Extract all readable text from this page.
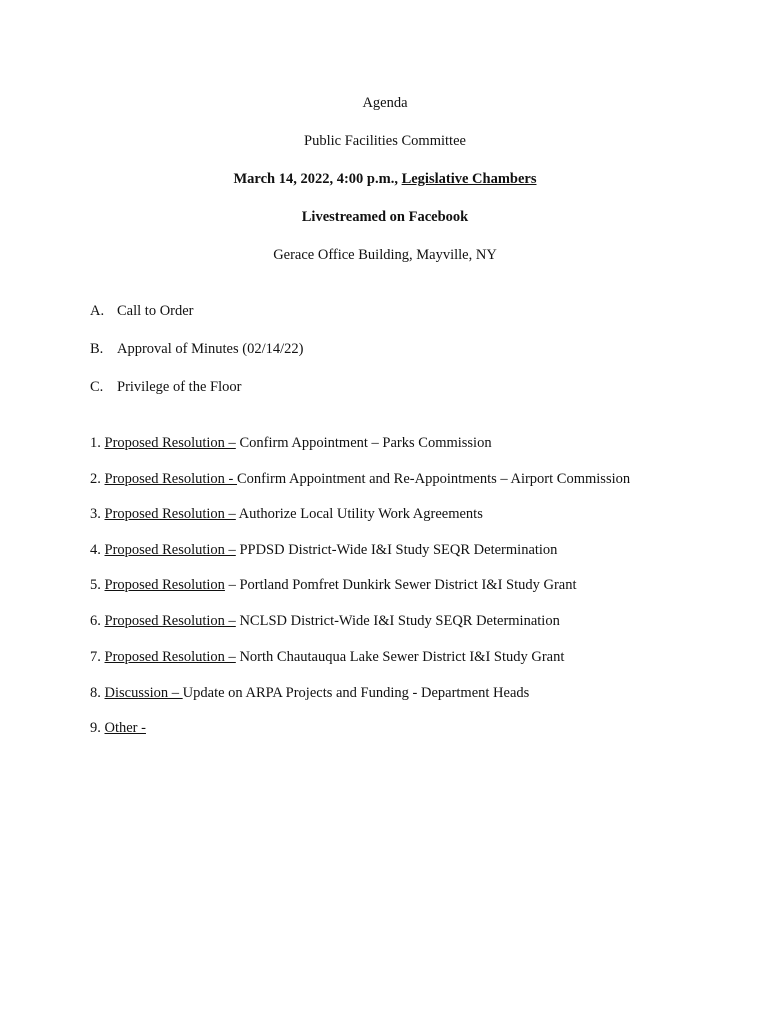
Agenda
Public Facilities Committee
March 14, 2022, 4:00 p.m., Legislative Chambers
Livestreamed on Facebook
Gerace Office Building, Mayville, NY
A. Call to Order
B. Approval of Minutes (02/14/22)
C. Privilege of the Floor
1. Proposed Resolution – Confirm Appointment – Parks Commission
2. Proposed Resolution - Confirm Appointment and Re-Appointments – Airport Commission
3. Proposed Resolution – Authorize Local Utility Work Agreements
4. Proposed Resolution – PPDSD District-Wide I&I Study SEQR Determination
5. Proposed Resolution – Portland Pomfret Dunkirk Sewer District I&I Study Grant
6. Proposed Resolution – NCLSD District-Wide I&I Study SEQR Determination
7. Proposed Resolution – North Chautauqua Lake Sewer District I&I Study Grant
8. Discussion – Update on ARPA Projects and Funding - Department Heads
9. Other -
